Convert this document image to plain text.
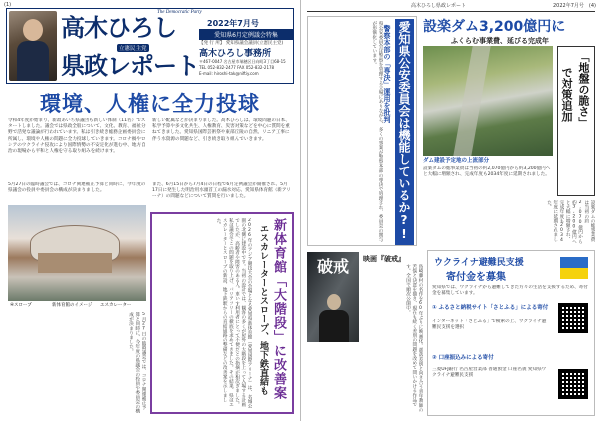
(1)
The Democratic Party
高木ひろし
立憲民主党
県政レポート
2022年7月号
愛知県6月定例議会特集
【発 行 所】 愛知県議会議員(立憲民主党)
高木ひろし事務所
〒467-0047 名古屋市瑞穂区日向町3丁目68-15
TEL 052-832-2477 FAX 052-832-2178
E-mail: hiroshi-tak@niftiy.com
環境、人権に全力投球
令和4年度が始まり、新政あいち県議団も新しい体制（11名）でスタートしました。議会では県政全般について、文化、教育、福祉分野で活発な議論が行われています。私は引き続き総務企画委員会に所属し、環境や人権の問題に全力投球していきます。コロナ禍やロシアのウクライナ侵攻により国際情勢の不安定化が進む中、地方自治の現場から平和と人権を守る取り組みを続けます。
5月27日の臨時議会では、コロナ関連補正予算と同時に、今年度の県議会の役員や委員会の構成が決まりました。
新しい配属などが決まりました。高木ひろしは、環境問題の日本、私学予算や多文化共生、人権教育、災害対策などを中心に質問を重ねてきました。愛知県国際芸術祭や東部丘陵の自然、リニア工事に伴う水資源の問題など、引き続き取り組んでいきます。
また、6月15日から7月4日の日程で6月定例議会が開催され、5月17日に発生した明治用水頭首工の漏水対応、愛知県体育館（新アリーナ）の問題などについて質問を行いました。
④スロープ	新体育館のイメージ エスカレーター	新体育館「大階段」に改善案
エスカレーターとスロープ、地下鉄直結も
2026年のアジア競技大会の会場となる愛知県新体育館（愛知国際アリーナ）は、名城公園の北側に建設中です。当初の設計では、観客の多くが屋外の大階段を上って入場する計画でしたが、高齢者や障害のある人、車いす利用者にとって不便だとの指摘が相次ぎました。私は議会でこの問題を取り上げ、バリアフリーの徹底を求めてきました。その結果、県はエスカレーターとスロープの新設、地下鉄駅からの直結通路の整備などの改善案を示しました。
5月27日の臨時議会では、コロナ関連補正予算と同時に、今年度の県議会の役員や委員会の構成が決まりました。
高木ひろし県政レポート	2022年7月号　(4)
愛知県公安委員会は機能しているか?!
警察本部の「専決」運用を批判
県公安委員会は警察を管理する立場にありながら、多くの事案が警察本部の専決で処理され、委員会の関与が形骸化しています。	設楽ダム3,200億円に
ふくらむ事業費、延びる完成年
ダム建設予定地の上流部分
設楽ダムの総事業費は当初の約2,070億円から約3,200億円へと大幅に増額され、完成年度も2034年度に延期されました。
「地盤の脆さ」
で対策追加
設楽ダムの総事業費は当初の約2,070億円から約3,200億円へと大幅に増額され、完成年度も2034年度に延期されました。
破戒 映画『破戒』
島崎藤村の名作を60年ぶりに映画化。部落差別と向き合う青年教師の苦悩と決意を描き、現在も続く差別の問題を改めて問いかける作品です。全国で順次公開中。
ウクライナ避難民支援
寄付金を募集
愛知県では、ウクライナから避難してきた方々の生活を支援するため、寄付金を募集しています。
① ふるさと納税サイト「さとふる」による寄付
インターネット「さとふる」で検索の上、ウクライナ避難民支援を選択
② 口座振込みによる寄付
三菱UFJ銀行 名古屋営業部 普通預金 口座名義 愛知県ウクライナ避難民支援
